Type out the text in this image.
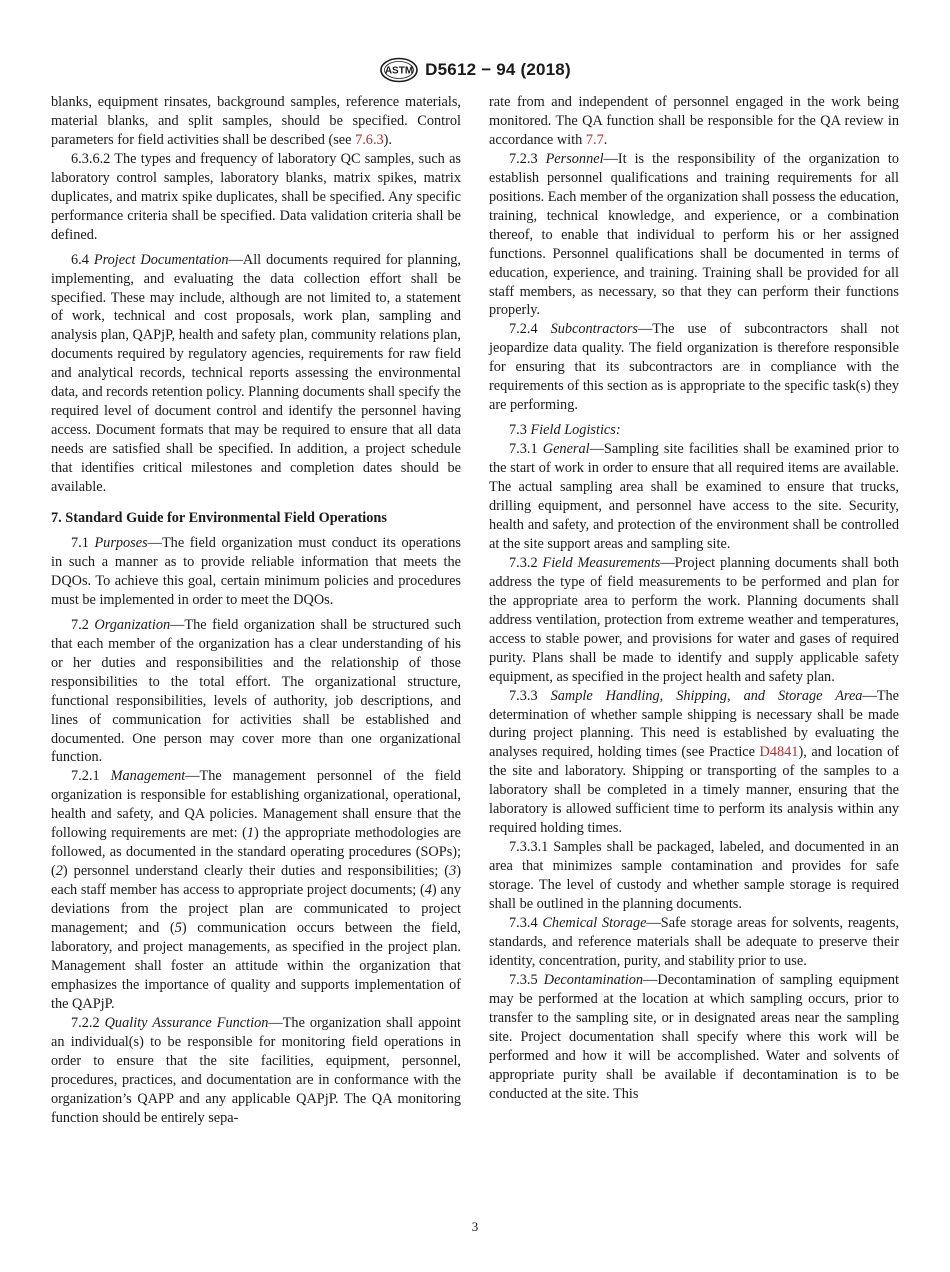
ASTM D5612 − 94 (2018)

blanks, equipment rinsates, background samples, reference materials, material blanks, and split samples, should be specified. Control parameters for field activities shall be described (see 7.6.3).

6.3.6.2 The types and frequency of laboratory QC samples, such as laboratory control samples, laboratory blanks, matrix spikes, matrix duplicates, and matrix spike duplicates, shall be specified. Any specific performance criteria shall be specified. Data validation criteria shall be defined.

6.4 Project Documentation—All documents required for planning, implementing, and evaluating the data collection effort shall be specified. These may include, although are not limited to, a statement of work, technical and cost proposals, work plan, sampling and analysis plan, QAPjP, health and safety plan, community relations plan, documents required by regulatory agencies, requirements for raw field and analytical records, technical reports assessing the environmental data, and records retention policy. Planning documents shall specify the required level of document control and identify the personnel having access. Document formats that may be required to ensure that all data needs are satisfied shall be specified. In addition, a project schedule that identifies critical milestones and completion dates should be available.

7. Standard Guide for Environmental Field Operations

7.1 Purposes—The field organization must conduct its operations in such a manner as to provide reliable information that meets the DQOs. To achieve this goal, certain minimum policies and procedures must be implemented in order to meet the DQOs.

7.2 Organization—The field organization shall be structured such that each member of the organization has a clear understanding of his or her duties and responsibilities and the relationship of those responsibilities to the total effort. The organizational structure, functional responsibilities, levels of authority, job descriptions, and lines of communication for activities shall be established and documented. One person may cover more than one organizational function.

7.2.1 Management—The management personnel of the field organization is responsible for establishing organizational, operational, health and safety, and QA policies. Management shall ensure that the following requirements are met: (1) the appropriate methodologies are followed, as documented in the standard operating procedures (SOPs); (2) personnel understand clearly their duties and responsibilities; (3) each staff member has access to appropriate project documents; (4) any deviations from the project plan are communicated to project management; and (5) communication occurs between the field, laboratory, and project managements, as specified in the project plan. Management shall foster an attitude within the organization that emphasizes the importance of quality and supports implementation of the QAPjP.

7.2.2 Quality Assurance Function—The organization shall appoint an individual(s) to be responsible for monitoring field operations in order to ensure that the site facilities, equipment, personnel, procedures, practices, and documentation are in conformance with the organization’s QAPP and any applicable QAPjP. The QA monitoring function should be entirely sepa-

rate from and independent of personnel engaged in the work being monitored. The QA function shall be responsible for the QA review in accordance with 7.7.

7.2.3 Personnel—It is the responsibility of the organization to establish personnel qualifications and training requirements for all positions. Each member of the organization shall possess the education, training, technical knowledge, and experience, or a combination thereof, to enable that individual to perform his or her assigned functions. Personnel qualifications shall be documented in terms of education, experience, and training. Training shall be provided for all staff members, as necessary, so that they can perform their functions properly.

7.2.4 Subcontractors—The use of subcontractors shall not jeopardize data quality. The field organization is therefore responsible for ensuring that its subcontractors are in compliance with the requirements of this section as is appropriate to the specific task(s) they are performing.

7.3 Field Logistics:

7.3.1 General—Sampling site facilities shall be examined prior to the start of work in order to ensure that all required items are available. The actual sampling area shall be examined to ensure that trucks, drilling equipment, and personnel have access to the site. Security, health and safety, and protection of the environment shall be controlled at the site support areas and sampling site.

7.3.2 Field Measurements—Project planning documents shall both address the type of field measurements to be performed and plan for the appropriate area to perform the work. Planning documents shall address ventilation, protection from extreme weather and temperatures, access to stable power, and provisions for water and gases of required purity. Plans shall be made to identify and supply applicable safety equipment, as specified in the project health and safety plan.

7.3.3 Sample Handling, Shipping, and Storage Area—The determination of whether sample shipping is necessary shall be made during project planning. This need is established by evaluating the analyses required, holding times (see Practice D4841), and location of the site and laboratory. Shipping or transporting of the samples to a laboratory shall be completed in a timely manner, ensuring that the laboratory is allowed sufficient time to perform its analysis within any required holding times.

7.3.3.1 Samples shall be packaged, labeled, and documented in an area that minimizes sample contamination and provides for safe storage. The level of custody and whether sample storage is required shall be outlined in the planning documents.

7.3.4 Chemical Storage—Safe storage areas for solvents, reagents, standards, and reference materials shall be adequate to preserve their identity, concentration, purity, and stability prior to use.

7.3.5 Decontamination—Decontamination of sampling equipment may be performed at the location at which sampling occurs, prior to transfer to the sampling site, or in designated areas near the sampling site. Project documentation shall specify where this work will be performed and how it will be accomplished. Water and solvents of appropriate purity shall be available if decontamination is to be conducted at the site. This

3
